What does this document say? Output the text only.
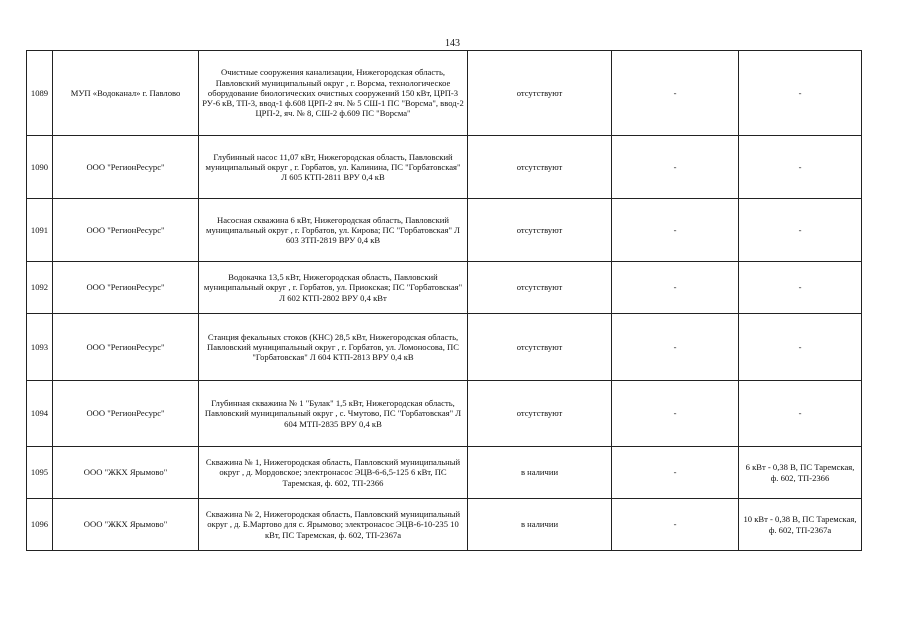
143
1089	МУП «Водоканал» г. Павлово	Очистные сооружения канализации, Нижегородская область, Павловский муниципальный округ , г. Ворсма, технологическое оборудование биологических очистных сооружений 150 кВт, ЦРП-3 РУ-6 кВ, ТП-3, ввод-1 ф.608 ЦРП-2 яч. № 5 СШ-1 ПС "Ворсма", ввод-2 ЦРП-2, яч. № 8, СШ-2 ф.609 ПС "Ворсма"	отсутствуют	-	-
1090	ООО "РегионРесурс"	Глубинный насос 11,07 кВт, Нижегородская область, Павловский муниципальный округ , г. Горбатов, ул. Калинина, ПС "Горбатовская" Л 605 КТП-2811 ВРУ 0,4 кВ	отсутствуют	-	-
1091	ООО "РегионРесурс"	Насосная скважина 6 кВт, Нижегородская область, Павловский муниципальный округ , г. Горбатов, ул. Кирова; ПС "Горбатовская" Л 603 ЗТП-2819 ВРУ 0,4 кВ	отсутствуют	-	-
1092	ООО "РегионРесурс"	Водокачка 13,5 кВт, Нижегородская область, Павловский муниципальный округ , г. Горбатов, ул. Приокская; ПС "Горбатовская" Л 602 КТП-2802 ВРУ 0,4 кВт	отсутствуют	-	-
1093	ООО "РегионРесурс"	Станция фекальных стоков (КНС) 28,5 кВт, Нижегородская область, Павловский муниципальный округ , г. Горбатов, ул. Ломоносова, ПС "Горбатовская" Л 604 КТП-2813 ВРУ 0,4 кВ	отсутствуют	-	-
1094	ООО "РегионРесурс"	Глубинная скважина № 1 "Булак" 1,5 кВт, Нижегородская область, Павловский муниципальный округ , с. Чмутово, ПС "Горбатовская" Л 604 МТП-2835 ВРУ 0,4 кВ	отсутствуют	-	-
1095	ООО "ЖКХ Ярымово"	Скважина № 1, Нижегородская область, Павловский муниципальный округ , д. Мордовское; электронасос ЭЦВ-6-6,5-125 6 кВт, ПС Таремская, ф. 602, ТП-2366	в наличии	-	6 кВт - 0,38 В, ПС Таремская, ф. 602, ТП-2366
1096	ООО "ЖКХ Ярымово"	Скважина № 2, Нижегородская область, Павловский муниципальный округ , д. Б.Мартово для с. Ярымово; электронасос ЭЦВ-6-10-235 10 кВт, ПС Таремская, ф. 602, ТП-2367а	в наличии	-	10 кВт - 0,38 В, ПС Таремская, ф. 602, ТП-2367а
